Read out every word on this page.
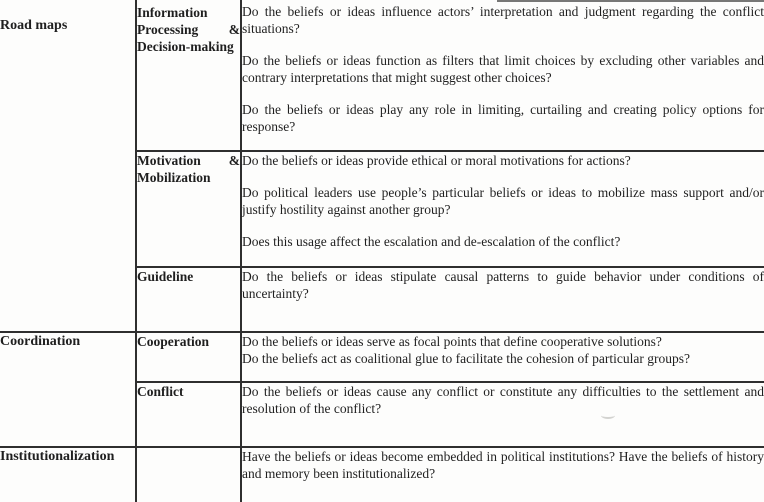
Road maps	Information Processing & Decision-making	Do the beliefs or ideas influence actors’ interpretation and judgment regarding the conflict situations?

Do the beliefs or ideas function as filters that limit choices by excluding other variables and contrary interpretations that might suggest other choices?

Do the beliefs or ideas play any role in limiting, curtailing and creating policy options for response?

	Motivation & Mobilization	Do the beliefs or ideas provide ethical or moral motivations for actions?

Do political leaders use people’s particular beliefs or ideas to mobilize mass support and/or justify hostility against another group?

Does this usage affect the escalation and de-escalation of the conflict?

	Guideline	Do the beliefs or ideas stipulate causal patterns to guide behavior under conditions of uncertainty?

Coordination	Cooperation	Do the beliefs or ideas serve as focal points that define cooperative solutions?

Do the beliefs act as coalitional glue to facilitate the cohesion of particular groups?

	Conflict	Do the beliefs or ideas cause any conflict or constitute any difficulties to the settlement and resolution of the conflict?

Institutionalization		Have the beliefs or ideas become embedded in political institutions? Have the beliefs of history and memory been institutionalized?
